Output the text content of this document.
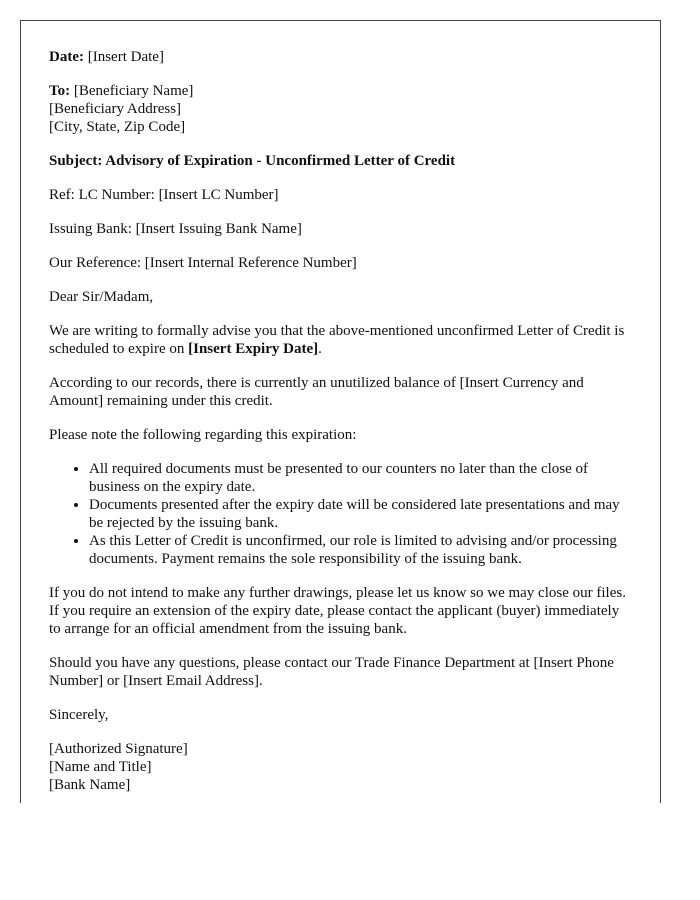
Date: [Insert Date]

To: [Beneficiary Name]
[Beneficiary Address]
[City, State, Zip Code]

Subject: Advisory of Expiration - Unconfirmed Letter of Credit

Ref: LC Number: [Insert LC Number]

Issuing Bank: [Insert Issuing Bank Name]

Our Reference: [Insert Internal Reference Number]

Dear Sir/Madam,

We are writing to formally advise you that the above-mentioned unconfirmed Letter of Credit is scheduled to expire on [Insert Expiry Date].

According to our records, there is currently an unutilized balance of [Insert Currency and Amount] remaining under this credit.

Please note the following regarding this expiration:

• All required documents must be presented to our counters no later than the close of business on the expiry date.
• Documents presented after the expiry date will be considered late presentations and may be rejected by the issuing bank.
• As this Letter of Credit is unconfirmed, our role is limited to advising and/or processing documents. Payment remains the sole responsibility of the issuing bank.

If you do not intend to make any further drawings, please let us know so we may close our files. If you require an extension of the expiry date, please contact the applicant (buyer) immediately to arrange for an official amendment from the issuing bank.

Should you have any questions, please contact our Trade Finance Department at [Insert Phone Number] or [Insert Email Address].

Sincerely,

[Authorized Signature]
[Name and Title]
[Bank Name]
